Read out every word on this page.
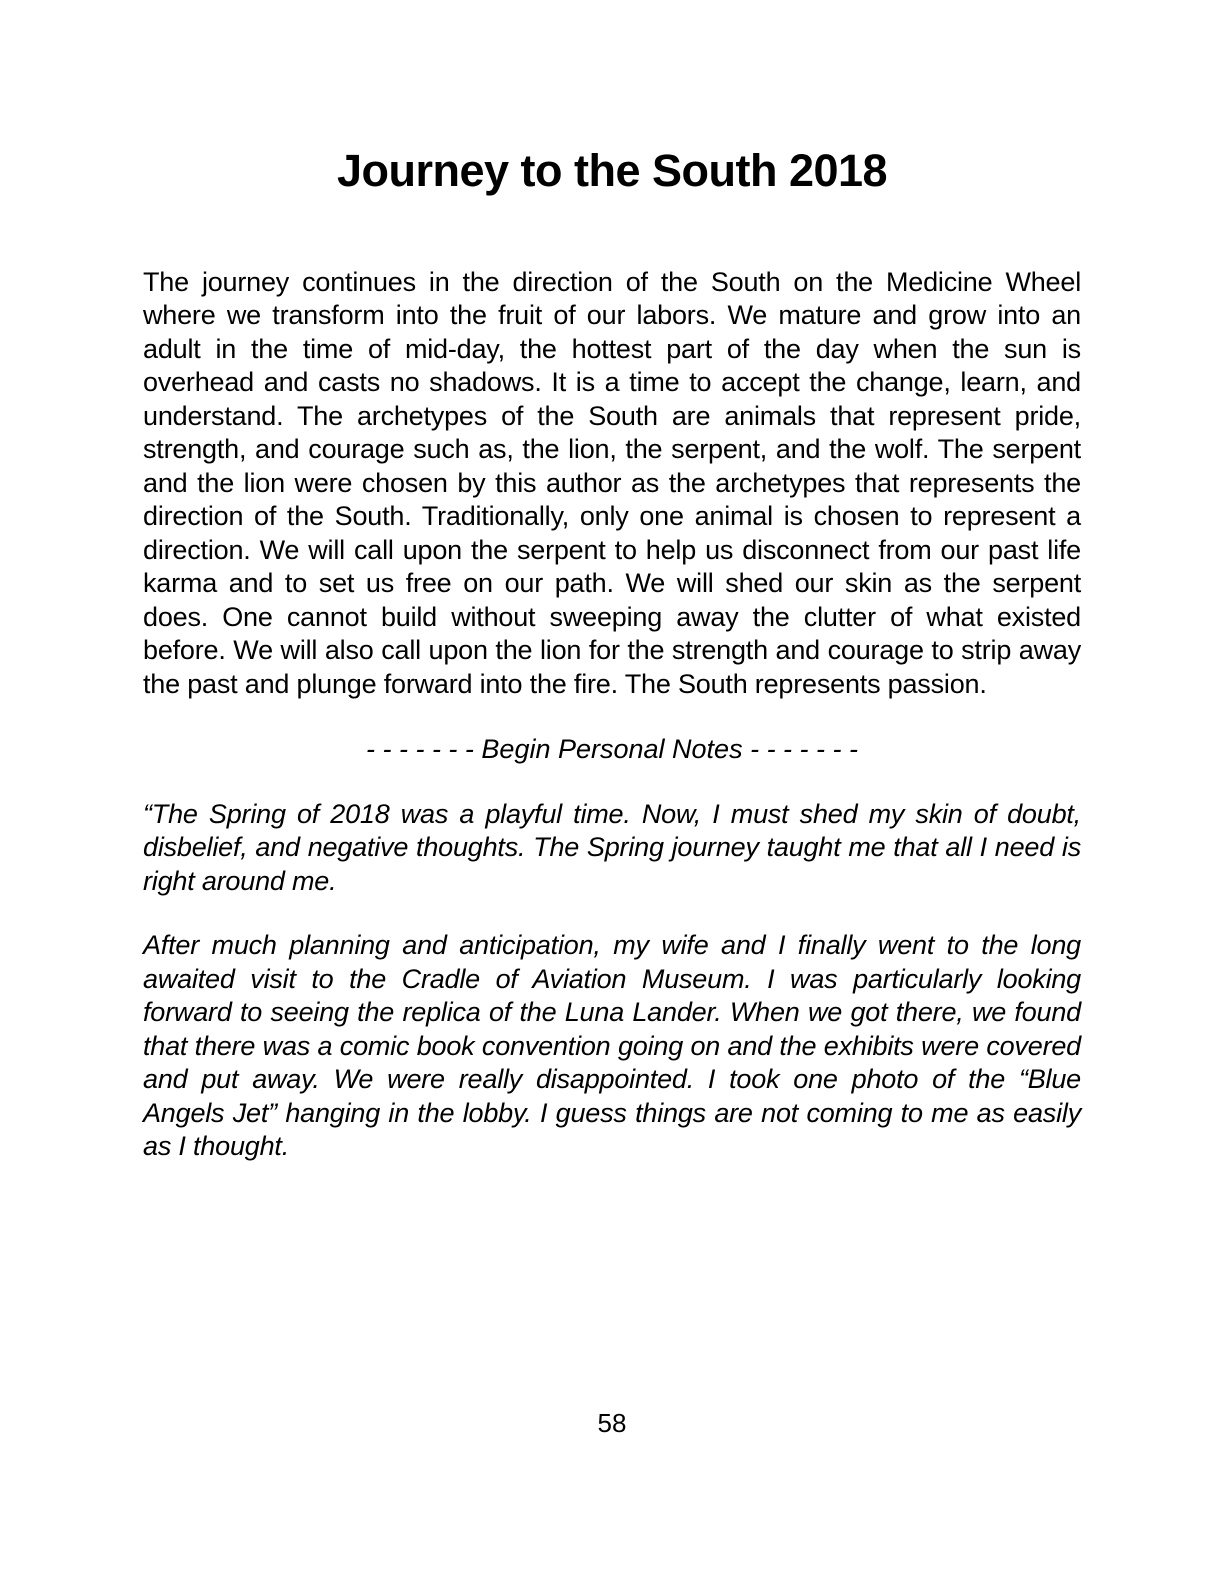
Journey to the South 2018

The journey continues in the direction of the South on the Medicine Wheel where we transform into the fruit of our labors. We mature and grow into an adult in the time of mid-day, the hottest part of the day when the sun is overhead and casts no shadows. It is a time to accept the change, learn, and understand. The archetypes of the South are animals that represent pride, strength, and courage such as, the lion, the serpent, and the wolf. The serpent and the lion were chosen by this author as the archetypes that represents the direction of the South. Traditionally, only one animal is chosen to represent a direction. We will call upon the serpent to help us disconnect from our past life karma and to set us free on our path. We will shed our skin as the serpent does. One cannot build without sweeping away the clutter of what existed before. We will also call upon the lion for the strength and courage to strip away the past and plunge forward into the fire. The South represents passion.

- - - - - - - Begin Personal Notes - - - - - - -

“The Spring of 2018 was a playful time. Now, I must shed my skin of doubt, disbelief, and negative thoughts. The Spring journey taught me that all I need is right around me.

After much planning and anticipation, my wife and I finally went to the long awaited visit to the Cradle of Aviation Museum. I was particularly looking forward to seeing the replica of the Luna Lander. When we got there, we found that there was a comic book convention going on and the exhibits were covered and put away. We were really disappointed. I took one photo of the “Blue Angels Jet” hanging in the lobby. I guess things are not coming to me as easily as I thought.

58
